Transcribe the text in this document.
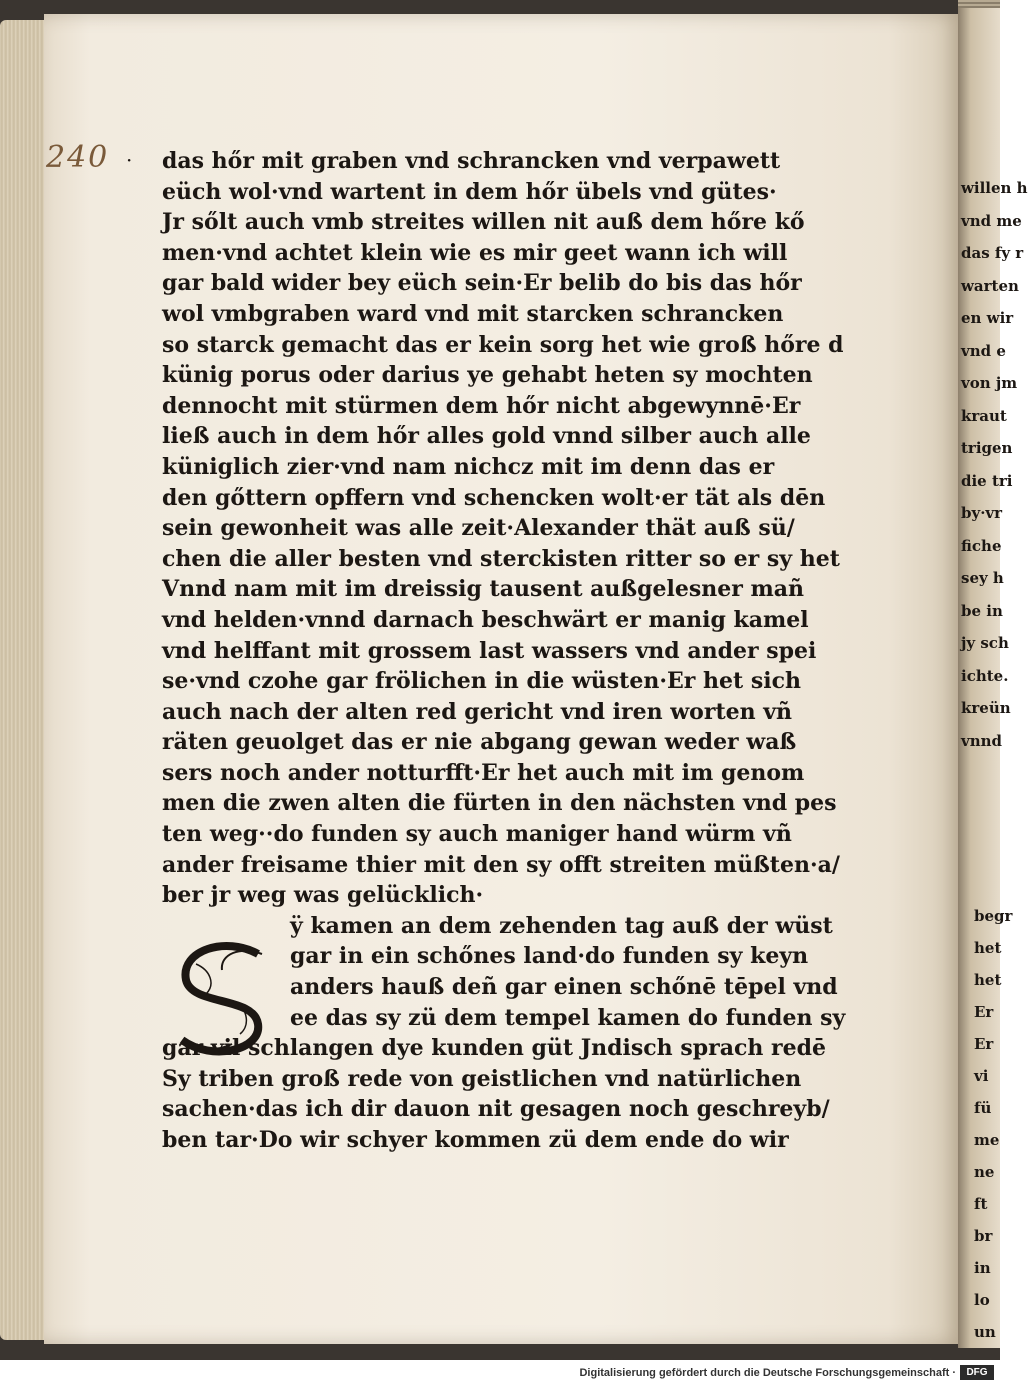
240 · das hőr mit graben vnd schrancken vnd verpawett
eüch wol·vnd wartent in dem hőr übels vnd gütes·
Jr sőlt auch vmb streites willen nit auß dem hőre kő
men·vnd achtet klein wie es mir geet wann ich will
gar bald wider bey eüch sein·Er belib do bis das hőr
wol vmbgraben ward vnd mit starcken schrancken
so starck gemacht das er kein sorg het wie groß hőre d
künig porus oder darius ye gehabt heten sy mochten
dennocht mit stürmen dem hőr nicht abgewynnē·Er
ließ auch in dem hőr alles gold vnnd silber auch alle
küniglich zier·vnd nam nichcz mit im denn das er
den gőttern opffern vnd schencken wolt·er tät als dēn
sein gewonheit was alle zeit·Alexander thät auß sü/
chen die aller besten vnd sterckisten ritter so er sy het
Vnnd nam mit im dreissig tausent außgelesner mañ
vnd helden·vnnd darnach beschwärt er manig kamel
vnd helffant mit grossem last wassers vnd ander spei
se·vnd czohe gar frölichen in die wüsten·Er het sich
auch nach der alten red gericht vnd iren worten vñ
räten geuolget das er nie abgang gewan weder waß
sers noch ander notturfft·Er het auch mit im genom
men die zwen alten die fürten in den nächsten vnd pes
ten weg··do funden sy auch maniger hand würm vñ
ander freisame thier mit den sy offt streiten müßten·a/
ber jr weg was gelücklich·
ÿ kamen an dem zehenden tag auß der wüst
gar in ein schőnes land·do funden sy keyn
anders hauß deñ gar einen schőnē tēpel vnd
ee das sy zü dem tempel kamen do funden sy
gar vil schlangen dye kunden güt Jndisch sprach redē
Sy triben groß rede von geistlichen vnd natürlichen
sachen·das ich dir dauon nit gesagen noch geschreyb/
ben tar·Do wir schyer kommen zü dem ende do wir
willen h
vnd me
das fy r
warten
en wir
vnd e
von jm
kraut
trigen
die tri
by·vr
fiche
sey h
be in
jy sch
ichte.
kreün
vnnd
begr
het
het
Er
Er
vi
fü
me
ne
ft
br
in
lo
un
Digitalisierung gefördert durch die Deutsche Forschungsgemeinschaft ·	DFG
